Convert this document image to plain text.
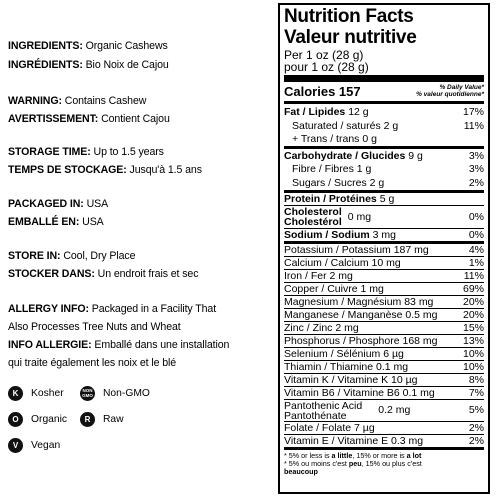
INGREDIENTS: Organic Cashews
INGRÉDIENTS: Bio Noix de Cajou
WARNING: Contains Cashew
AVERTISSEMENT: Contient Cajou
STORAGE TIME: Up to 1.5 years
TEMPS DE STOCKAGE: Jusqu'à 1.5 ans
PACKAGED IN: USA
EMBALLÉ EN: USA
STORE IN: Cool, Dry Place
STOCKER DANS: Un endroit frais et sec
ALLERGY INFO: Packaged in a Facility That
Also Processes Tree Nuts and Wheat
INFO ALLERGIE: Emballé dans une installation
qui traite également les noix et le blé
K	Kosher	NON GMO Non-GMO
O	Organic	R	Raw
V	Vegan
Nutrition Facts
Valeur nutritive
Per 1 oz (28 g)
pour 1 oz (28 g)
Calories 157	% Daily Value*
% valeur quotidienne*
Fat / Lipides 12 g	17%
Saturated / saturés 2 g	11%
+ Trans / trans 0 g
Carbohydrate / Glucides 9 g	3%
Fibre / Fibres 1 g	3%
Sugars / Sucres 2 g	2%
Protein / Protéines 5 g
Cholesterol
Cholestérol 0 mg	0%
Sodium / Sodium 3 mg	0%
Potassium / Potassium 187 mg	4%
Calcium / Calcium 10 mg	1%
Iron / Fer 2 mg	11%
Copper / Cuivre 1 mg	69%
Magnesium / Magnésium 83 mg	20%
Manganese / Manganèse 0.5 mg 20%
Zinc / Zinc 2 mg	15%
Phosphorus / Phosphore 168 mg 13%
Selenium / Sélénium 6 µg	10%
Thiamin / Thiamine 0.1 mg	10%
Vitamin K / Vitamine K 10 µg	8%
Vitamin B6 / Vitamine B6 0.1 mg	7%
Pantothenic Acid
Pantothénate	0.2 mg	5%
Folate / Folate 7 µg	2%
Vitamin E / Vitamine E 0.3 mg	2%
* 5% or less is a little, 15% or more is a lot
* 5% ou moins c'est peu, 15% ou plus c'est
beaucoup
